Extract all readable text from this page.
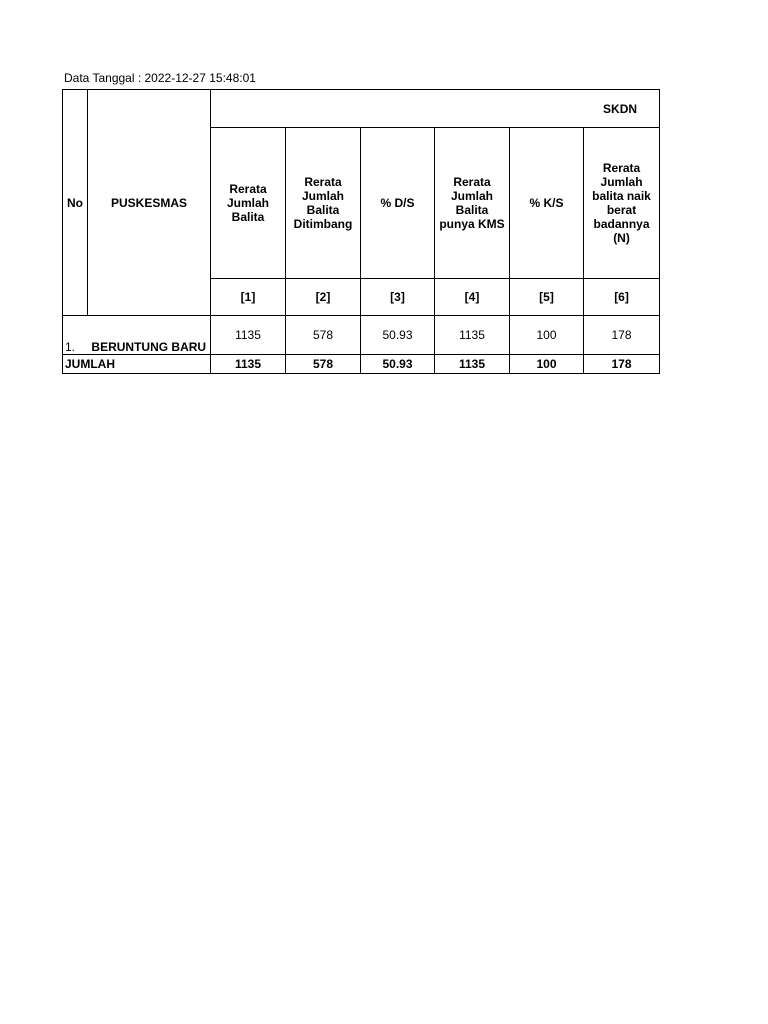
Data Tanggal : 2022-12-27 15:48:01
No	PUSKESMAS	SKDN					
		Rerata Jumlah Balita	Rerata Jumlah Balita Ditimbang	% D/S	Rerata Jumlah Balita punya KMS	% K/S	Rerata Jumlah balita naik berat badannya (N)
		[1]	[2]	[3]	[4]	[5]	[6]
1.	BERUNTUNG BARU	1135	578	50.93	1135	100	178
JUMLAH		1135	578	50.93	1135	100	178
